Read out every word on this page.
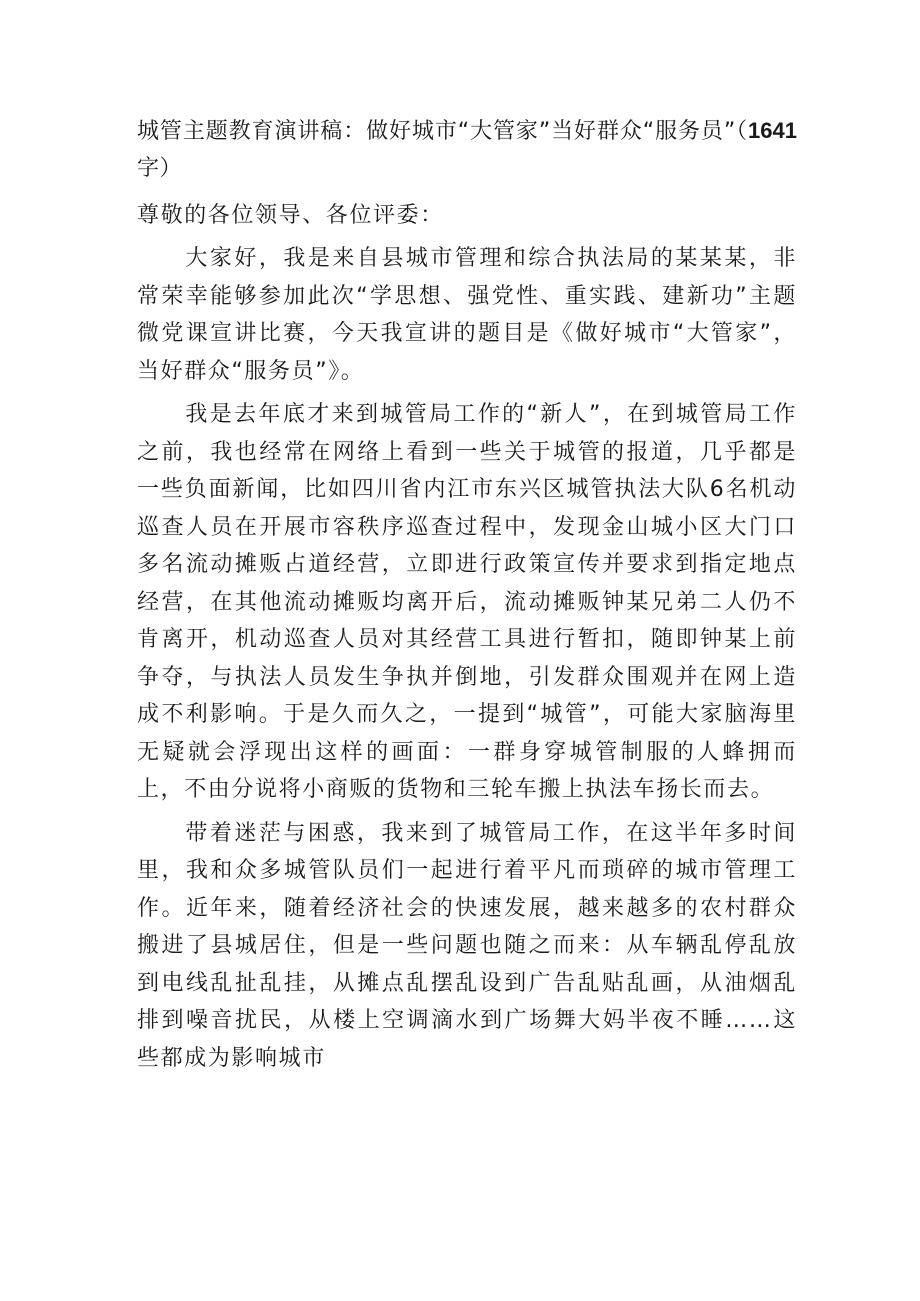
城管主题教育演讲稿：做好城市“大管家”当好群众“服务员”（1641字）

尊敬的各位领导、各位评委：

大家好，我是来自县城市管理和综合执法局的某某某，非常荣幸能够参加此次“学思想、强党性、重实践、建新功”主题微党课宣讲比赛，今天我宣讲的题目是《做好城市“大管家”，当好群众“服务员”》。

我是去年底才来到城管局工作的“新人”，在到城管局工作之前，我也经常在网络上看到一些关于城管的报道，几乎都是一些负面新闻，比如四川省内江市东兴区城管执法大队6名机动巡查人员在开展市容秩序巡查过程中，发现金山城小区大门口多名流动摊贩占道经营，立即进行政策宣传并要求到指定地点经营，在其他流动摊贩均离开后，流动摊贩钟某兄弟二人仍不肯离开，机动巡查人员对其经营工具进行暂扣，随即钟某上前争夺，与执法人员发生争执并倒地，引发群众围观并在网上造成不利影响。于是久而久之，一提到“城管”，可能大家脑海里无疑就会浮现出这样的画面：一群身穿城管制服的人蜂拥而上，不由分说将小商贩的货物和三轮车搬上执法车扬长而去。

带着迷茫与困惑，我来到了城管局工作，在这半年多时间里，我和众多城管队员们一起进行着平凡而琐碎的城市管理工作。近年来，随着经济社会的快速发展，越来越多的农村群众搬进了县城居住，但是一些问题也随之而来：从车辆乱停乱放到电线乱扯乱挂，从摊点乱摆乱设到广告乱贴乱画，从油烟乱排到噪音扰民，从楼上空调滴水到广场舞大妈半夜不睡……这些都成为影响城市
